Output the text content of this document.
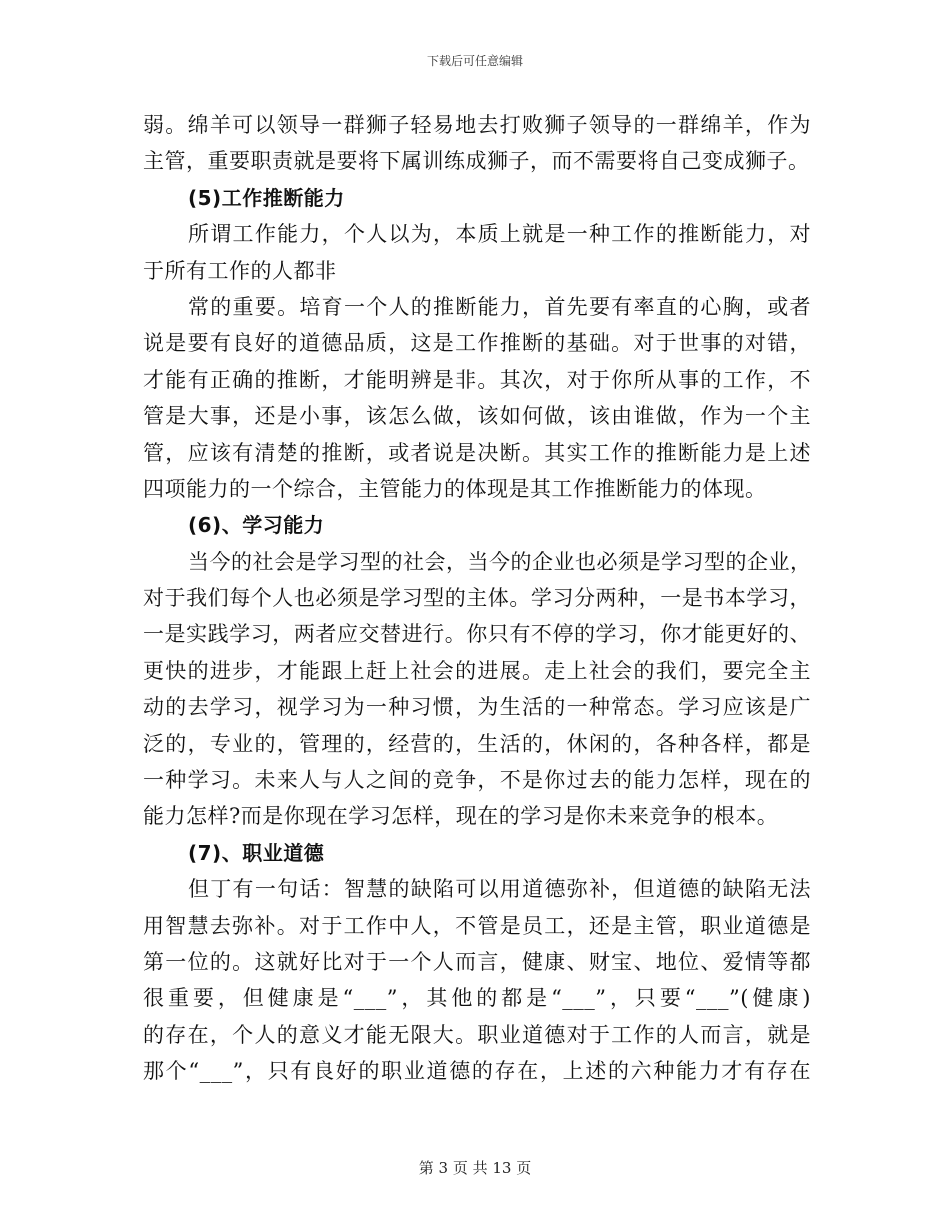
下载后可任意编辑
弱。绵羊可以领导一群狮子轻易地去打败狮子领导的一群绵羊，作为
主管，重要职责就是要将下属训练成狮子，而不需要将自己变成狮子。
(5)工作推断能力
所谓工作能力，个人以为，本质上就是一种工作的推断能力，对
于所有工作的人都非
常的重要。培育一个人的推断能力，首先要有率直的心胸，或者
说是要有良好的道德品质，这是工作推断的基础。对于世事的对错，
才能有正确的推断，才能明辨是非。其次，对于你所从事的工作，不
管是大事，还是小事，该怎么做，该如何做，该由谁做，作为一个主
管，应该有清楚的推断，或者说是决断。其实工作的推断能力是上述
四项能力的一个综合，主管能力的体现是其工作推断能力的体现。
(6)、学习能力
当今的社会是学习型的社会，当今的企业也必须是学习型的企业，
对于我们每个人也必须是学习型的主体。学习分两种，一是书本学习，
一是实践学习，两者应交替进行。你只有不停的学习，你才能更好的、
更快的进步，才能跟上赶上社会的进展。走上社会的我们，要完全主
动的去学习，视学习为一种习惯，为生活的一种常态。学习应该是广
泛的，专业的，管理的，经营的，生活的，休闲的，各种各样，都是
一种学习。未来人与人之间的竞争，不是你过去的能力怎样，现在的
能力怎样?而是你现在学习怎样，现在的学习是你未来竞争的根本。
(7)、职业道德
但丁有一句话：智慧的缺陷可以用道德弥补，但道德的缺陷无法
用智慧去弥补。对于工作中人，不管是员工，还是主管，职业道德是
第一位的。这就好比对于一个人而言，健康、财宝、地位、爱情等都
很重要，但健康是“___”，其他的都是“___”，只要“___”(健康)
的存在，个人的意义才能无限大。职业道德对于工作的人而言，就是
那个“___”，只有良好的职业道德的存在，上述的六种能力才有存在
第 3 页 共 13 页
